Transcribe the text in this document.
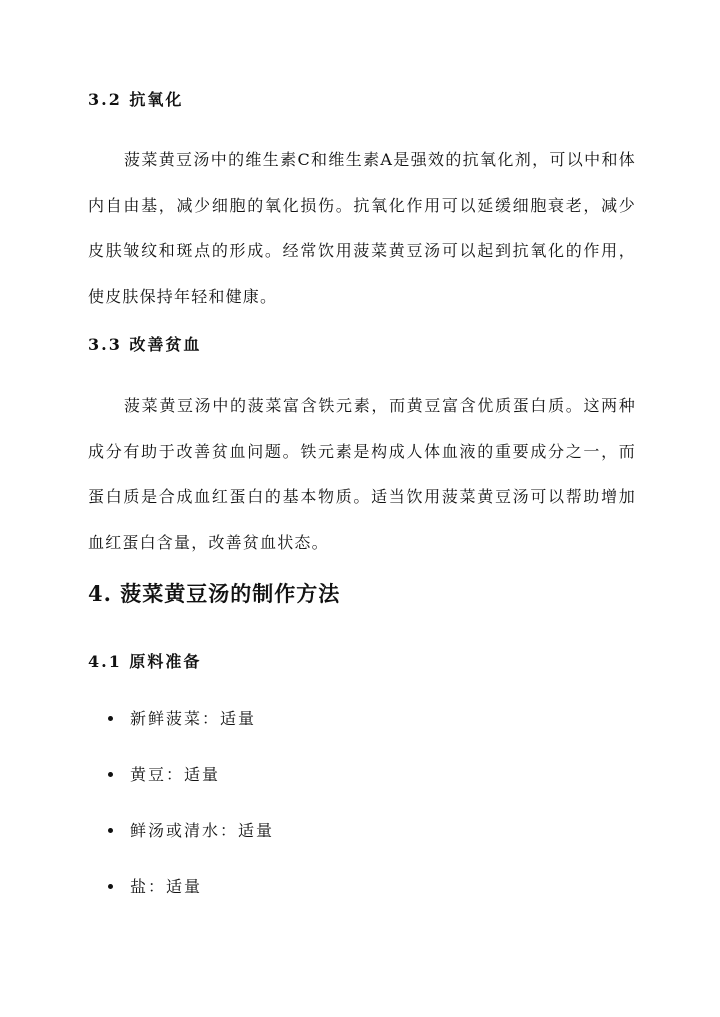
3.2 抗氧化
菠菜黄豆汤中的维生素C和维生素A是强效的抗氧化剂，可以中和体内自由基，减少细胞的氧化损伤。抗氧化作用可以延缓细胞衰老，减少皮肤皱纹和斑点的形成。经常饮用菠菜黄豆汤可以起到抗氧化的作用，使皮肤保持年轻和健康。
3.3 改善贫血
菠菜黄豆汤中的菠菜富含铁元素，而黄豆富含优质蛋白质。这两种成分有助于改善贫血问题。铁元素是构成人体血液的重要成分之一，而蛋白质是合成血红蛋白的基本物质。适当饮用菠菜黄豆汤可以帮助增加血红蛋白含量，改善贫血状态。
4. 菠菜黄豆汤的制作方法
4.1 原料准备
新鲜菠菜：适量
黄豆：适量
鲜汤或清水：适量
盐：适量
